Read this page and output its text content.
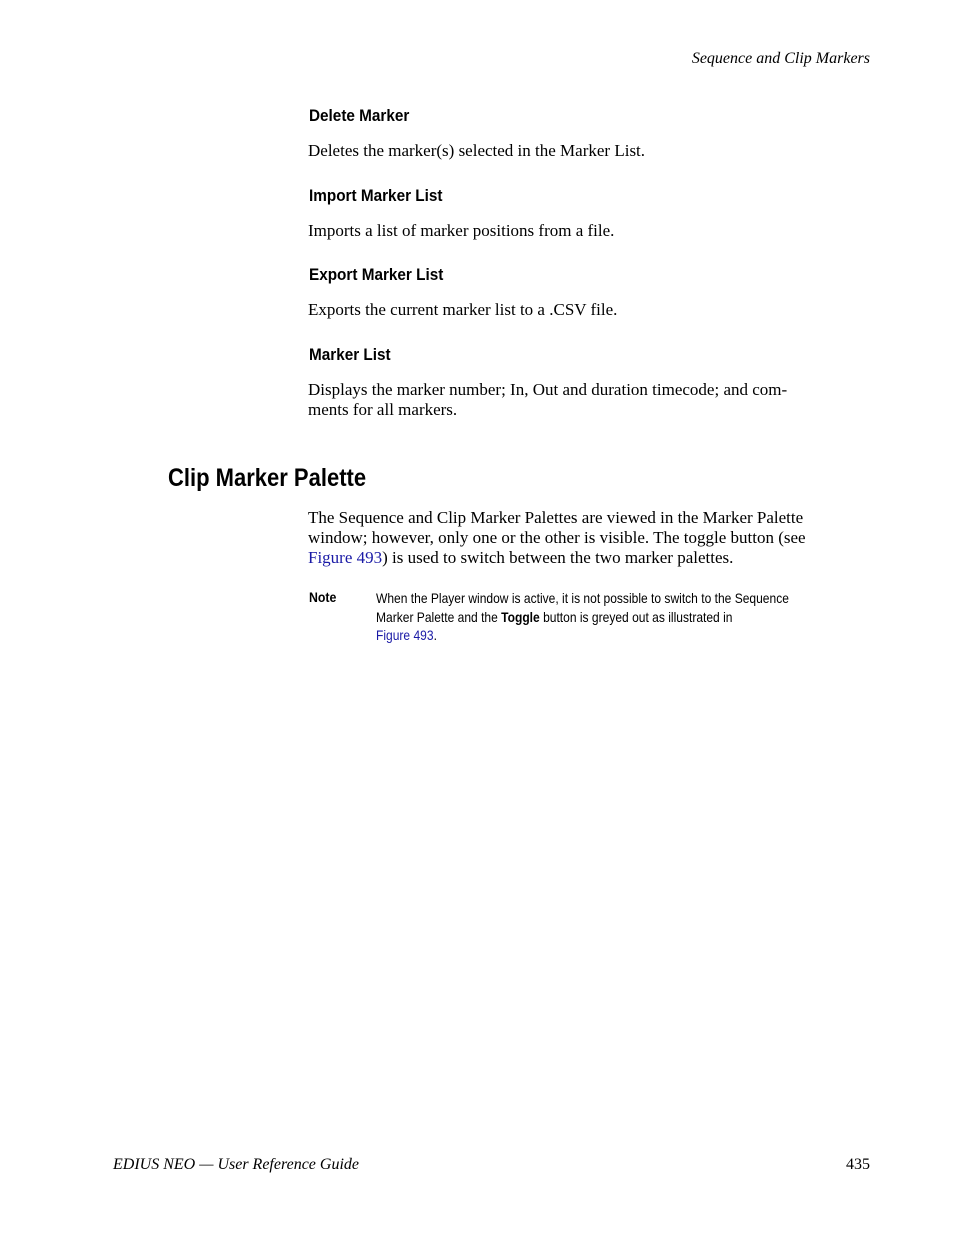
Sequence and Clip Markers
Delete Marker
Deletes the marker(s) selected in the Marker List.
Import Marker List
Imports a list of marker positions from a file.
Export Marker List
Exports the current marker list to a .CSV file.
Marker List
Displays the marker number; In, Out and duration timecode; and com-
ments for all markers.
Clip Marker Palette
The Sequence and Clip Marker Palettes are viewed in the Marker Palette
window; however, only one or the other is visible. The toggle button (see
Figure 493) is used to switch between the two marker palettes.
Note	When the Player window is active, it is not possible to switch to the Sequence
Marker Palette and the Toggle button is greyed out as illustrated in
Figure 493.
EDIUS NEO — User Reference Guide	435
